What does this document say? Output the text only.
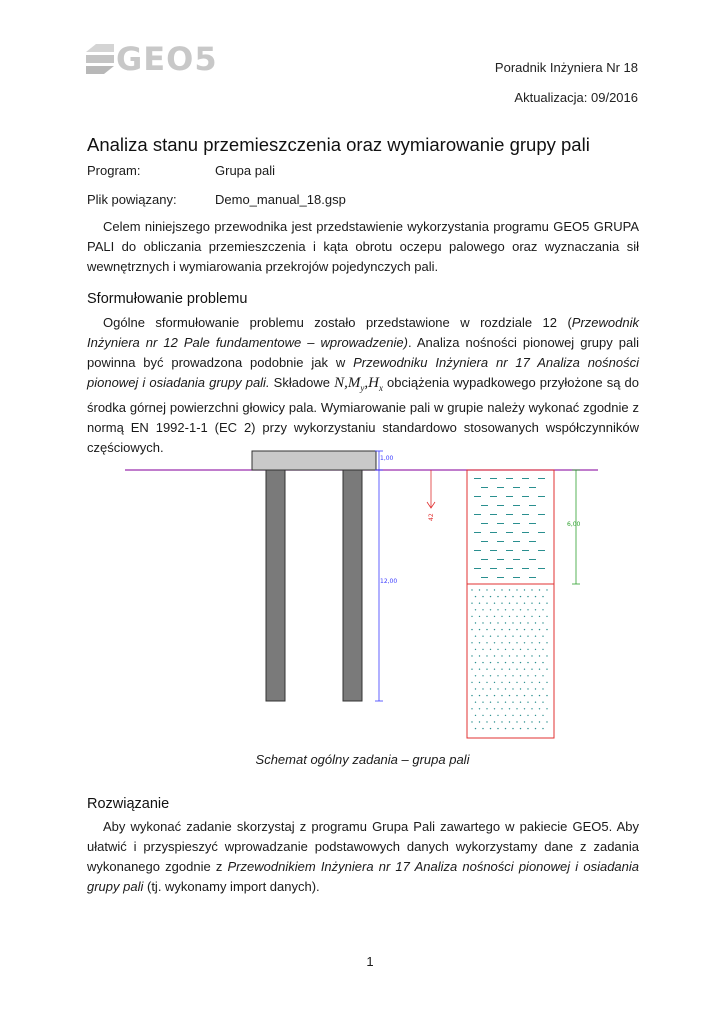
GEO5	Poradnik Inżyniera Nr 18
Aktualizacja: 09/2016
Analiza stanu przemieszczenia oraz wymiarowanie grupy pali
Program:	Grupa pali
Plik powiązany:	Demo_manual_18.gsp
Celem niniejszego przewodnika jest przedstawienie wykorzystania programu GEO5 GRUPA PALI do obliczania przemieszczenia i kąta obrotu oczepu palowego oraz wyznaczania sił wewnętrznych i wymiarowania przekrojów pojedynczych pali.
Sformułowanie problemu
Ogólne sformułowanie problemu zostało przedstawione w rozdziale 12 (Przewodnik Inżyniera nr 12 Pale fundamentowe – wprowadzenie). Analiza nośności pionowej grupy pali powinna być prowadzona podobnie jak w Przewodniku Inżyniera nr 17 Analiza nośności pionowej i osiadania grupy pali. Składowe $N,M_y,H_x$ obciążenia wypadkowego przyłożone są do środka górnej powierzchni głowicy pala. Wymiarowanie pali w grupie należy wykonać zgodnie z normą EN 1992-1-1 (EC 2) przy wykorzystaniu standardowo stosowanych współczynników częściowych.
1,00
12,00
42
6,00
Schemat ogólny zadania – grupa pali
Rozwiązanie
Aby wykonać zadanie skorzystaj z programu Grupa Pali zawartego w pakiecie GEO5. Aby ułatwić i przyspieszyć wprowadzanie podstawowych danych wykorzystamy dane z zadania wykonanego zgodnie z Przewodnikiem Inżyniera nr 17 Analiza nośności pionowej i osiadania grupy pali (tj. wykonamy import danych).
1
